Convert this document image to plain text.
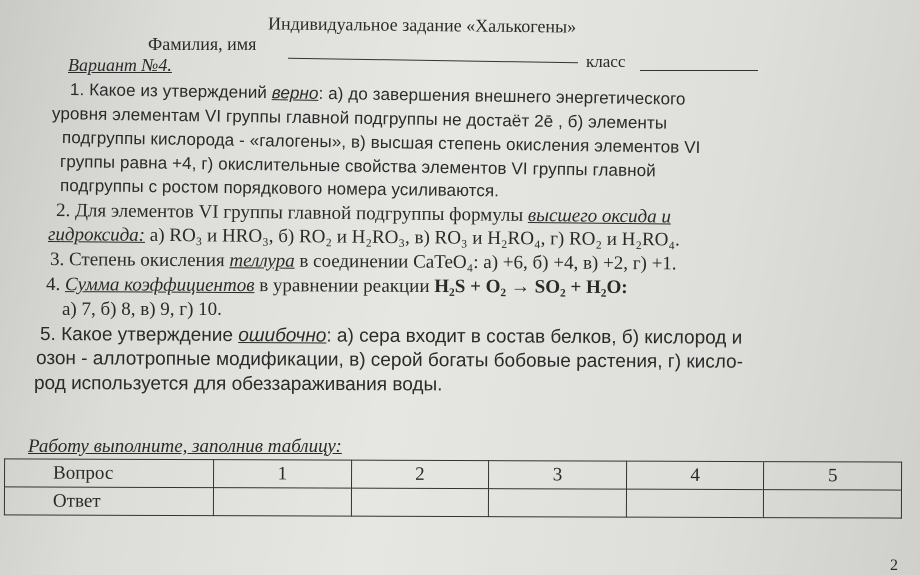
Индивидуальное задание «Халькогены»
Фамилия, имя
класс
Вариант №4.
1. Какое из утверждений верно: а) до завершения внешнего энергетического
уровня элементам VI группы главной подгруппы не достаёт 2ē , б) элементы
подгруппы кислорода - «галогены», в) высшая степень окисления элементов VI
группы равна +4, г) окислительные свойства элементов VI группы главной
подгруппы с ростом порядкового номера усиливаются.
2. Для элементов VI группы главной подгруппы формулы высшего оксида и
гидроксида: а) RO₃ и HRO₃, б) RO₂ и H₂RO₃, в) RO₃ и H₂RO₄, г) RO₂ и H₂RO₄.
3. Степень окисления теллура в соединении CaTeO₄: а) +6, б) +4, в) +2, г) +1.
4. Сумма коэффициентов в уравнении реакции H₂S + O₂ → SO₂ + H₂O:
а) 7, б) 8, в) 9, г) 10.
5. Какое утверждение ошибочно: а) сера входит в состав белков, б) кислород и
озон - аллотропные модификации, в) серой богаты бобовые растения, г) кисло-
род используется для обеззараживания воды.
Работу выполните, заполнив таблицу:
Вопрос	1	2	3	4	5
Ответ					
2
